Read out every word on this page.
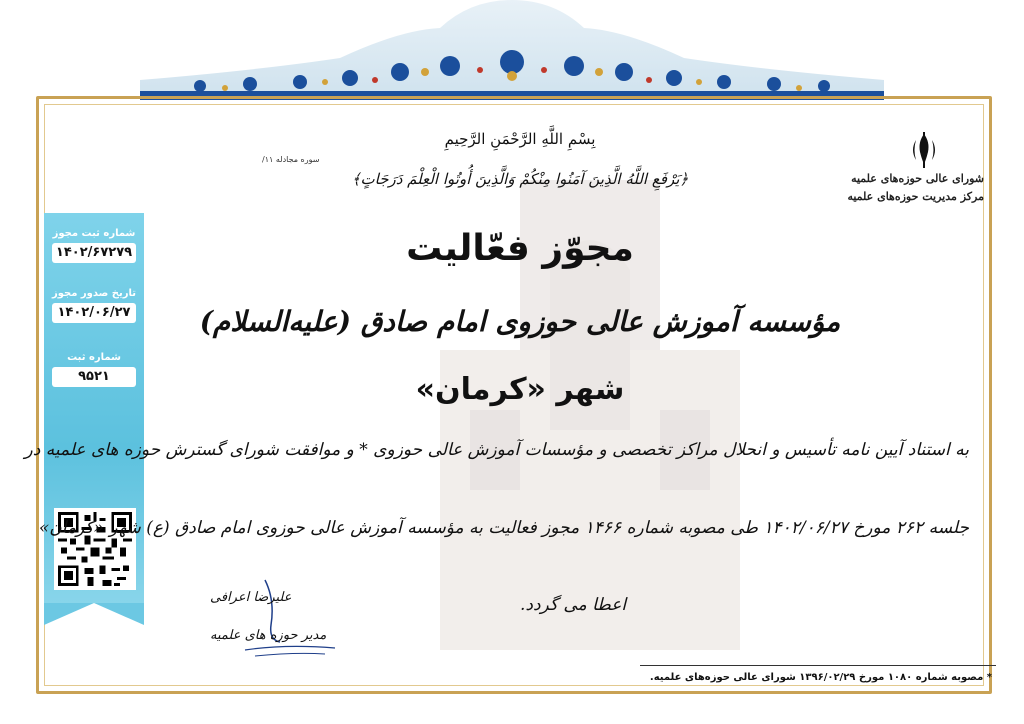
شماره ثبت مجوز
۱۴۰۲/۶۷۲۷۹
تاریخ صدور مجوز
۱۴۰۲/۰۶/۲۷
شماره ثبت
۹۵۲۱
شورای عالی حوزه‌های علمیه
مرکز مدیریت حوزه‌های علمیه
بِسْمِ اللَّهِ الرَّحْمَنِ الرَّحِيمِ
سوره مجادله ۱۱/
﴿يَرْفَعِ اللَّهُ الَّذِينَ آمَنُوا مِنْكُمْ وَالَّذِينَ أُوتُوا الْعِلْمَ دَرَجَاتٍ﴾
مجوّز فعّالیت
مؤسسه آموزش عالی حوزوی امام صادق (علیه‌السلام)
شهر «کرمان»
به استناد آیین نامه تأسیس و انحلال مراکز تخصصی و مؤسسات آموزش عالی حوزوی * و موافقت شورای گسترش حوزه های علمیه در
جلسه ۲۶۲ مورخ ۱۴۰۲/۰۶/۲۷ طی مصوبه شماره ۱۴۶۶ مجوز فعالیت به مؤسسه آموزش عالی حوزوی امام صادق (ع) شهر «کرمان»
اعطا می گردد.
علیرضا اعرافی
مدیر حوزه های علمیه
* مصوبه شماره ۱۰۸۰ مورخ ۱۳۹۶/۰۲/۲۹ شورای عالی حوزه‌های علمیه.
